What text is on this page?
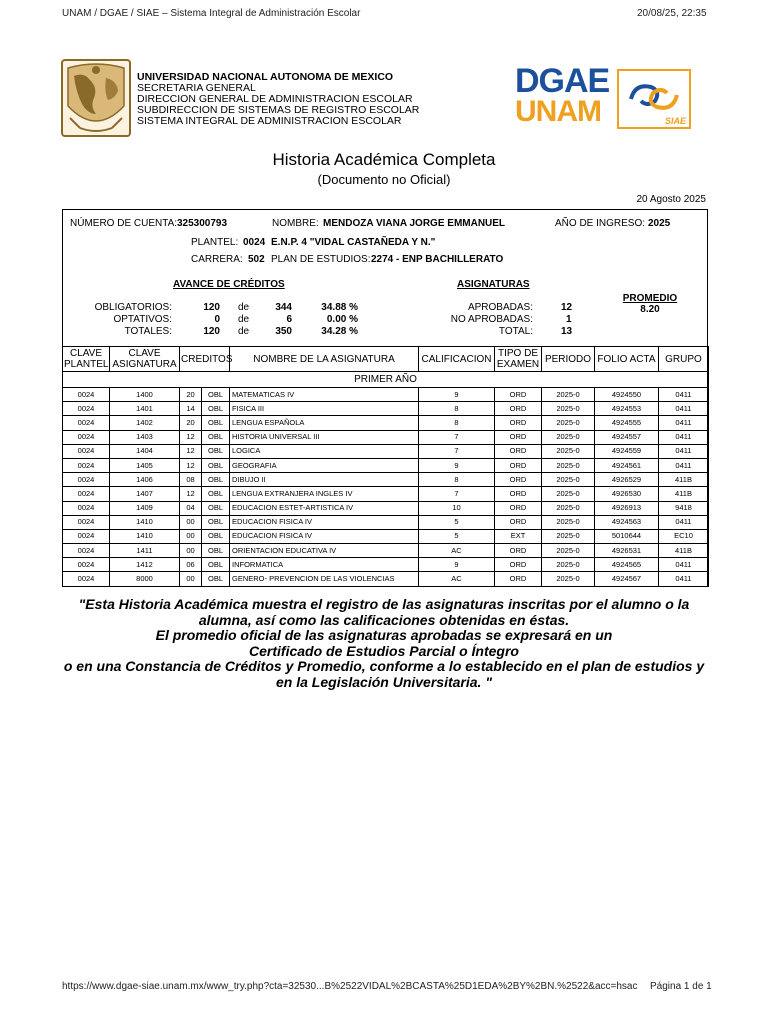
UNAM / DGAE / SIAE – Sistema Integral de Administración Escolar	20/08/25, 22:35
UNIVERSIDAD NACIONAL AUTONOMA DE MEXICO
SECRETARIA GENERAL
DIRECCION GENERAL DE ADMINISTRACION ESCOLAR
SUBDIRECCION DE SISTEMAS DE REGISTRO ESCOLAR
SISTEMA INTEGRAL DE ADMINISTRACION ESCOLAR
DGAE
UNAM	SIAE
Historia Académica Completa
(Documento no Oficial)
20 Agosto 2025
NÚMERO DE CUENTA: 325300793	NOMBRE: MENDOZA VIANA JORGE EMMANUEL	AÑO DE INGRESO: 2025
PLANTEL: 0024 E.N.P. 4 "VIDAL CASTAÑEDA Y N."
CARRERA: 502 PLAN DE ESTUDIOS: 2274 - ENP BACHILLERATO
AVANCE DE CRÉDITOS
OBLIGATORIOS:	120 de	344	34.88 %
OPTATIVOS:	0 de	6	0.00 %
TOTALES:	120 de	350	34.28 %
ASIGNATURAS
APROBADAS:	12
NO APROBADAS:	1
TOTAL:	13
PROMEDIO
8.20
CLAVE PLANTEL	CLAVE ASIGNATURA	CREDITOS		NOMBRE DE LA ASIGNATURA	CALIFICACION	TIPO DE EXAMEN	PERIODO	FOLIO ACTA	GRUPO
PRIMER AÑO									
0024	1400	20	OBL	MATEMATICAS IV	9	ORD	2025-0	4924550	0411
0024	1401	14	OBL	FISICA III	8	ORD	2025-0	4924553	0411
0024	1402	20	OBL	LENGUA ESPAÑOLA	8	ORD	2025-0	4924555	0411
0024	1403	12	OBL	HISTORIA UNIVERSAL III	7	ORD	2025-0	4924557	0411
0024	1404	12	OBL	LOGICA	7	ORD	2025-0	4924559	0411
0024	1405	12	OBL	GEOGRAFIA	9	ORD	2025-0	4924561	0411
0024	1406	08	OBL	DIBUJO II	8	ORD	2025-0	4926529	411B
0024	1407	12	OBL	LENGUA EXTRANJERA INGLES IV	7	ORD	2025-0	4926530	411B
0024	1409	04	OBL	EDUCACION ESTET-ARTISTICA IV	10	ORD	2025-0	4926913	9418
0024	1410	00	OBL	EDUCACION FISICA IV	5	ORD	2025-0	4924563	0411
0024	1410	00	OBL	EDUCACION FISICA IV	5	EXT	2025-0	5010644	EC10
0024	1411	00	OBL	ORIENTACION EDUCATIVA IV	AC	ORD	2025-0	4926531	411B
0024	1412	06	OBL	INFORMATICA	9	ORD	2025-0	4924565	0411
0024	8000	00	OBL	GENERO- PREVENCION DE LAS VIOLENCIAS	AC	ORD	2025-0	4924567	0411
"Esta Historia Académica muestra el registro de las asignaturas inscritas por el alumno o la
alumna, así como las calificaciones obtenidas en éstas.
El promedio oficial de las asignaturas aprobadas se expresará en un
Certificado de Estudios Parcial o Íntegro
o en una Constancia de Créditos y Promedio, conforme a lo establecido en el plan de estudios y
en la Legislación Universitaria. "
https://www.dgae-siae.unam.mx/www_try.php?cta=32530...B%2522VIDAL%2BCASTA%25D1EDA%2BY%2BN.%2522&acc=hsac Página 1 de 1
